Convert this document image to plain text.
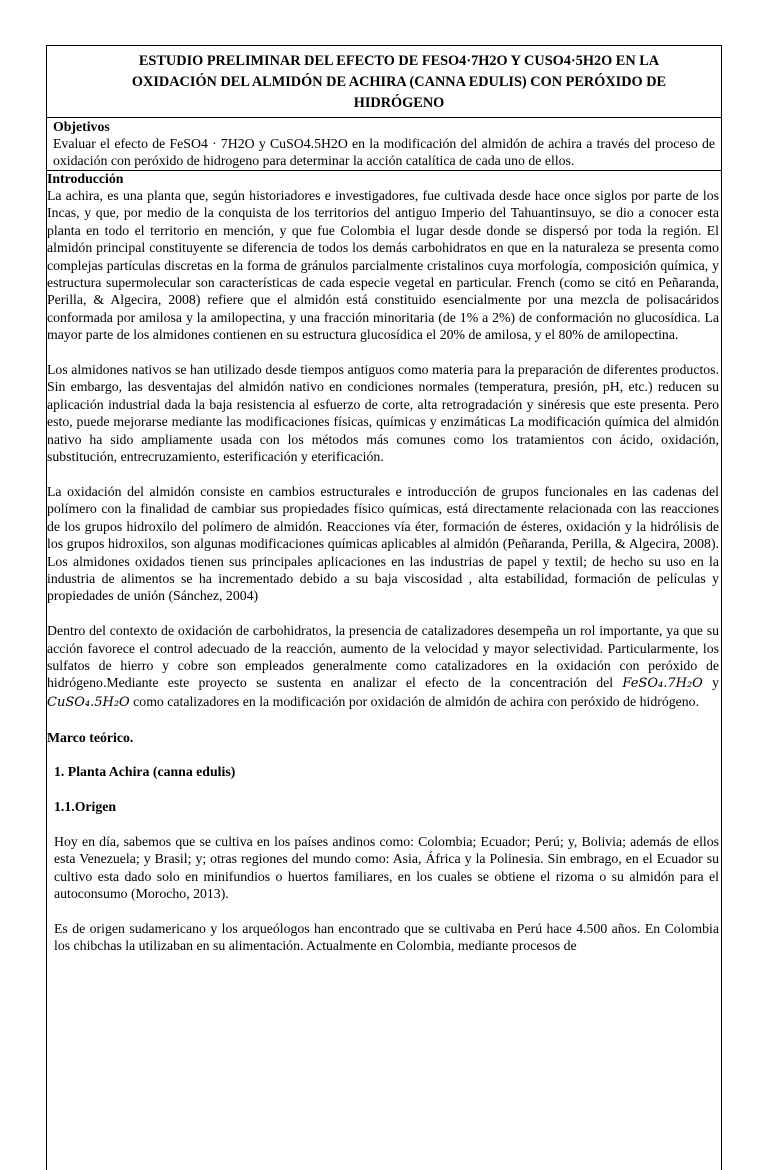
ESTUDIO PRELIMINAR DEL EFECTO DE FESO4·7H2O Y CUSO4·5H2O EN LA OXIDACIÓN DEL ALMIDÓN DE ACHIRA (CANNA EDULIS) CON PERÓXIDO DE HIDRÓGENO
Objetivos

Evaluar el efecto de FeSO4 · 7H2O y CuSO4.5H2O en la modificación del almidón de achira a través del proceso de oxidación con peróxido de hidrogeno para determinar la acción catalítica de cada uno de ellos.

Introducción

La achira, es una planta que, según historiadores e investigadores, fue cultivada desde hace once siglos por parte de los Incas, y que, por medio de la conquista de los territorios del antiguo Imperio del Tahuantinsuyo, se dio a conocer esta planta en todo el territorio en mención, y que fue Colombia el lugar desde donde se dispersó por toda la región. El almidón principal constituyente se diferencia de todos los demás carbohidratos en que en la naturaleza se presenta como complejas partículas discretas en la forma de gránulos parcialmente cristalinos cuya morfología, composición química, y estructura supermolecular son características de cada especie vegetal en particular. French (como se citó en Peñaranda, Perilla, & Algecira, 2008) refiere que el almidón está constituido esencialmente por una mezcla de polisacáridos conformada por amilosa y la amilopectina, y una fracción minoritaria (de 1% a 2%) de conformación no glucosídica. La mayor parte de los almidones contienen en su estructura glucosídica el 20% de amilosa, y el 80% de amilopectina.

Los almidones nativos se han utilizado desde tiempos antiguos como materia para la preparación de diferentes productos. Sin embargo, las desventajas del almidón nativo en condiciones normales (temperatura, presión, pH, etc.) reducen su aplicación industrial dada la baja resistencia al esfuerzo de corte, alta retrogradación y sinéresis que este presenta. Pero esto, puede mejorarse mediante las modificaciones físicas, químicas y enzimáticas La modificación química del almidón nativo ha sido ampliamente usada con los métodos más comunes como los tratamientos con ácido, oxidación, substitución, entrecruzamiento, esterificación y eterificación.

La oxidación del almidón consiste en cambios estructurales e introducción de grupos funcionales en las cadenas del polímero con la finalidad de cambiar sus propiedades físico químicas, está directamente relacionada con las reacciones de los grupos hidroxilo del polímero de almidón. Reacciones vía éter, formación de ésteres, oxidación y la hidrólisis de los grupos hidroxilos, son algunas modificaciones químicas aplicables al almidón (Peñaranda, Perilla, & Algecira, 2008). Los almidones oxidados tienen sus principales aplicaciones en las industrias de papel y textil; de hecho su uso en la industria de alimentos se ha incrementado debido a su baja viscosidad , alta estabilidad, formación de películas y propiedades de unión (Sánchez, 2004)

Dentro del contexto de oxidación de carbohidratos, la presencia de catalizadores desempeña un rol importante, ya que su acción favorece el control adecuado de la reacción, aumento de la velocidad y mayor selectividad. Particularmente, los sulfatos de hierro y cobre son empleados generalmente como catalizadores en la oxidación con peróxido de hidrógeno.Mediante este proyecto se sustenta en analizar el efecto de la concentración del FeSO₄.7H₂O y CuSO₄.5H₂O como catalizadores en la modificación por oxidación de almidón de achira con peróxido de hidrógeno.

Marco teórico.
1. Planta Achira (canna edulis)
1.1.Origen

Hoy en día, sabemos que se cultiva en los países andinos como: Colombia; Ecuador; Perú; y, Bolivia; además de ellos esta Venezuela; y Brasil; y; otras regiones del mundo como: Asia, África y la Polinesia. Sin embrago, en el Ecuador su cultivo esta dado solo en minifundios o huertos familiares, en los cuales se obtiene el rizoma o su almidón para el autoconsumo (Morocho, 2013).

Es de origen sudamericano y los arqueólogos han encontrado que se cultivaba en Perú hace 4.500 años. En Colombia los chibchas la utilizaban en su alimentación. Actualmente en Colombia, mediante procesos de
